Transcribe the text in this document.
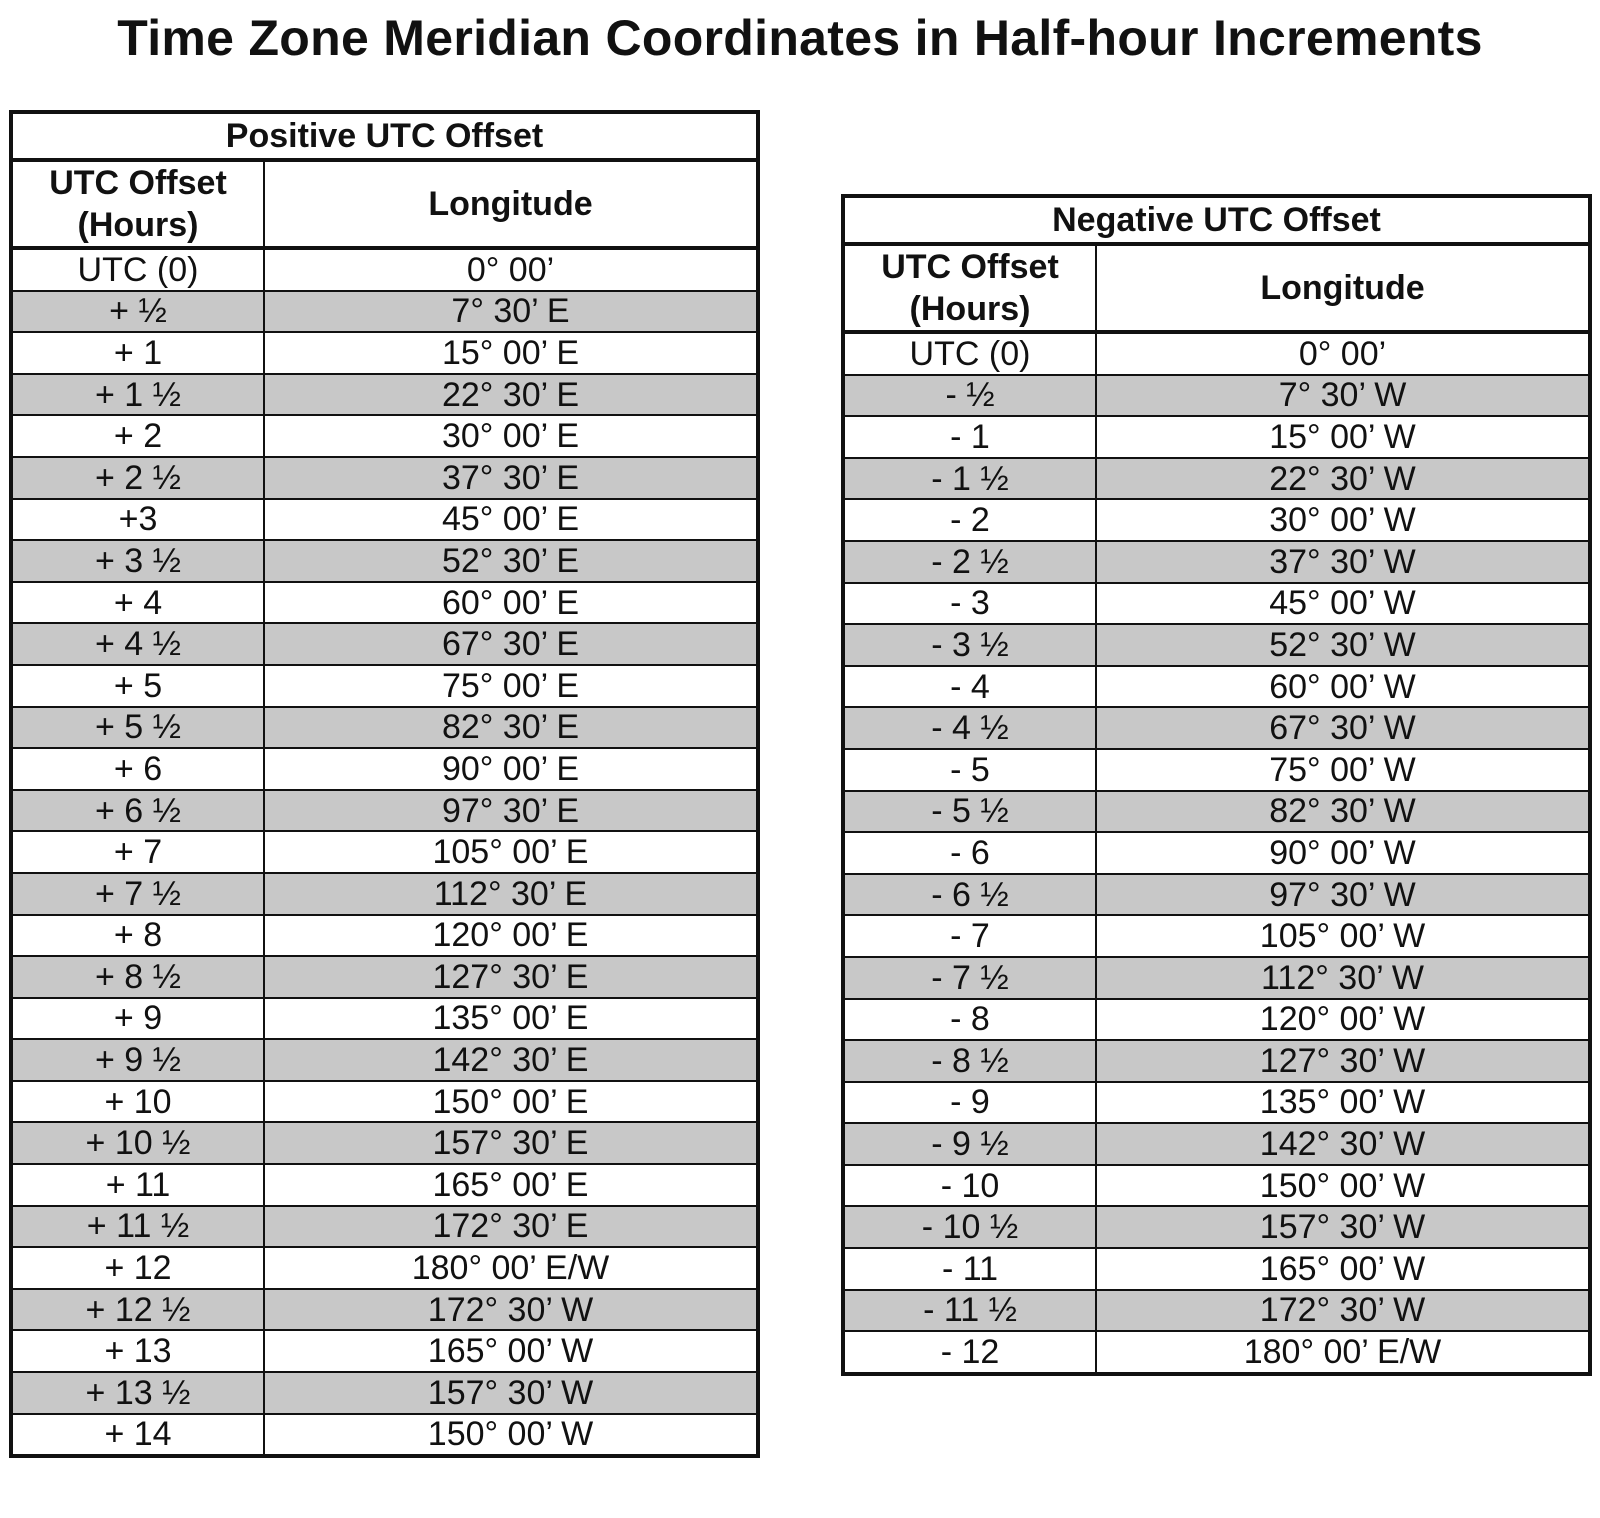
Time Zone Meridian Coordinates in Half-hour Increments
Positive UTC Offset	
UTC Offset (Hours)	Longitude
UTC (0)	0° 00’
+ ½	7° 30’ E
+ 1	15° 00’ E
+ 1 ½	22° 30’ E
+ 2	30° 00’ E
+ 2 ½	37° 30’ E
+3	45° 00’ E
+ 3 ½	52° 30’ E
+ 4	60° 00’ E
+ 4 ½	67° 30’ E
+ 5	75° 00’ E
+ 5 ½	82° 30’ E
+ 6	90° 00’ E
+ 6 ½	97° 30’ E
+ 7	105° 00’ E
+ 7 ½	112° 30’ E
+ 8	120° 00’ E
+ 8 ½	127° 30’ E
+ 9	135° 00’ E
+ 9 ½	142° 30’ E
+ 10	150° 00’ E
+ 10 ½	157° 30’ E
+ 11	165° 00’ E
+ 11 ½	172° 30’ E
+ 12	180° 00’ E/W
+ 12 ½	172° 30’ W
+ 13	165° 00’ W
+ 13 ½	157° 30’ W
+ 14	150° 00’ W
Negative UTC Offset	
UTC Offset (Hours)	Longitude
UTC (0)	0° 00’
- ½	7° 30’ W
- 1	15° 00’ W
- 1 ½	22° 30’ W
- 2	30° 00’ W
- 2 ½	37° 30’ W
- 3	45° 00’ W
- 3 ½	52° 30’ W
- 4	60° 00’ W
- 4 ½	67° 30’ W
- 5	75° 00’ W
- 5 ½	82° 30’ W
- 6	90° 00’ W
- 6 ½	97° 30’ W
- 7	105° 00’ W
- 7 ½	112° 30’ W
- 8	120° 00’ W
- 8 ½	127° 30’ W
- 9	135° 00’ W
- 9 ½	142° 30’ W
- 10	150° 00’ W
- 10 ½	157° 30’ W
- 11	165° 00’ W
- 11 ½	172° 30’ W
- 12	180° 00’ E/W
